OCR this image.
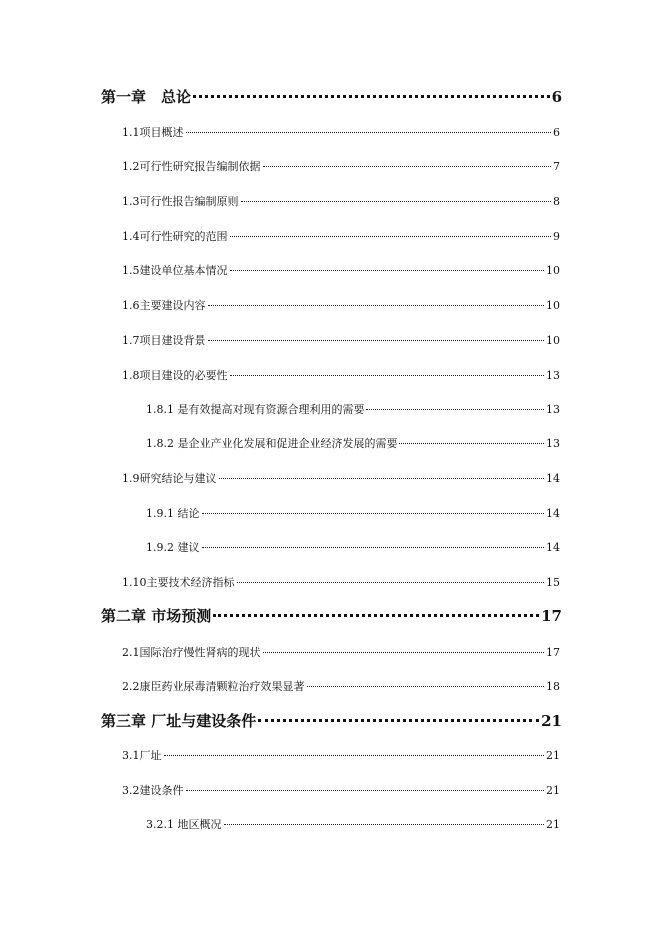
第一章　总论	6
1.1项目概述	6
1.2可行性研究报告编制依据	7
1.3可行性报告编制原则	8
1.4可行性研究的范围	9
1.5建设单位基本情况	10
1.6主要建设内容	10
1.7项目建设背景	10
1.8项目建设的必要性	13
1.8.1 是有效提高对现有资源合理利用的需要	13
1.8.2 是企业产业化发展和促进企业经济发展的需要	13
1.9研究结论与建议	14
1.9.1 结论	14
1.9.2 建议	14
1.10主要技术经济指标	15
第二章 市场预测	17
2.1国际治疗慢性肾病的现状	17
2.2康臣药业尿毒清颗粒治疗效果显著	18
第三章 厂址与建设条件	21
3.1厂址	21
3.2建设条件	21
3.2.1 地区概况	21
